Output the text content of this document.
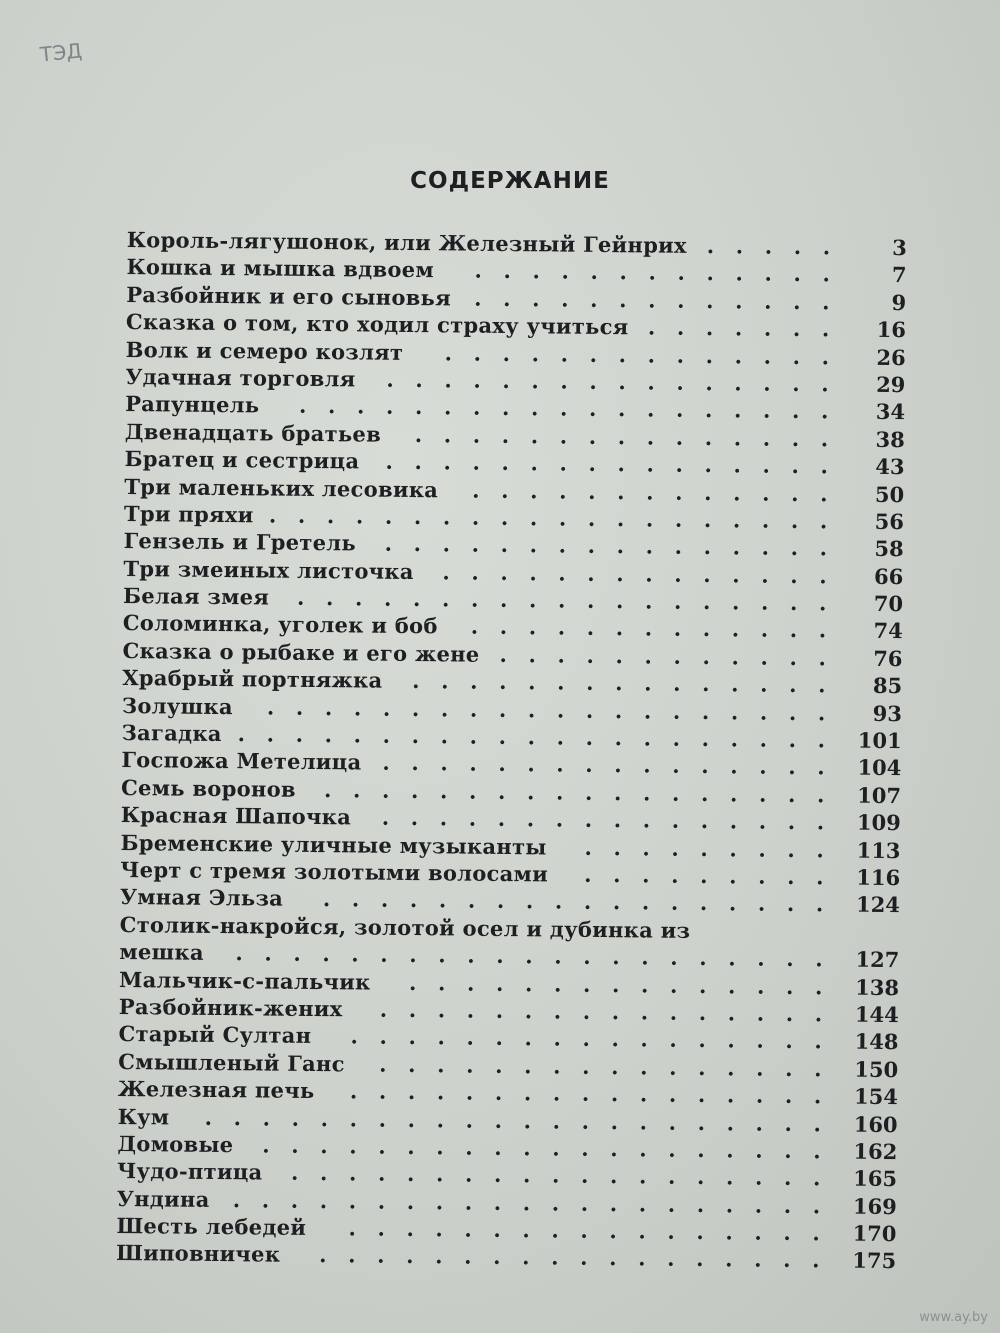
ТЭД
СОДЕРЖАНИЕ
Король-лягушонок, или Железный Гейнрих . . . . .	3
Кошка и мышка вдвоем . . . . . . . . . . . . .	7
Разбойник и его сыновья . . . . . . . . . . . . .	9
Сказка о том, кто ходил страху учиться . . . . . . . 16
Волк и семеро козлят . . . . . . . . . . . . . . 26
Удачная торговля . . . . . . . . . . . . . . . . 29
Рапунцель . . . . . . . . . . . . . . . . . . . 34
Двенадцать братьев . . . . . . . . . . . . . . . 38
Братец и сестрица . . . . . . . . . . . . . . . . 43
Три маленьких лесовика . . . . . . . . . . . . . 50
Три пряхи . . . . . . . . . . . . . . . . . . . . 56
Гензель и Гретель . . . . . . . . . . . . . . . . 58
Три змеиных листочка . . . . . . . . . . . . . . 66
Белая змея . . . . . . . . . . . . . . . . . . . 70
Соломинка, уголек и боб . . . . . . . . . . . . . 74
Сказка о рыбаке и его жене . . . . . . . . . . . . 76
Храбрый портняжка . . . . . . . . . . . . . . . 85
Золушка . . . . . . . . . . . . . . . . . . . . 93
Загадка . . . . . . . . . . . . . . . . . . . . . 101
Госпожа Метелица . . . . . . . . . . . . . . . . 104
Семь воронов . . . . . . . . . . . . . . . . . . 107
Красная Шапочка . . . . . . . . . . . . . . . . 109
Бременские уличные музыканты . . . . . . . . . 113
Черт с тремя золотыми волосами . . . . . . . . . 116
Умная Эльза . . . . . . . . . . . . . . . . . . 124
Столик-накройся, золотой осел и дубинка из
мешка . . . . . . . . . . . . . . . . . . . . . 127
Мальчик-с-пальчик . . . . . . . . . . . . . . . 138
Разбойник-жених . . . . . . . . . . . . . . . . 144
Старый Султан . . . . . . . . . . . . . . . . . 148
Смышленый Ганс . . . . . . . . . . . . . . . . 150
Железная печь . . . . . . . . . . . . . . . . . 154
Кум . . . . . . . . . . . . . . . . . . . . . . 160
Домовые . . . . . . . . . . . . . . . . . . . . 162
Чудо-птица . . . . . . . . . . . . . . . . . . . 165
Ундина . . . . . . . . . . . . . . . . . . . . . 169
Шесть лебедей . . . . . . . . . . . . . . . . . 170
Шиповничек . . . . . . . . . . . . . . . . . . 175
www.ay.by
